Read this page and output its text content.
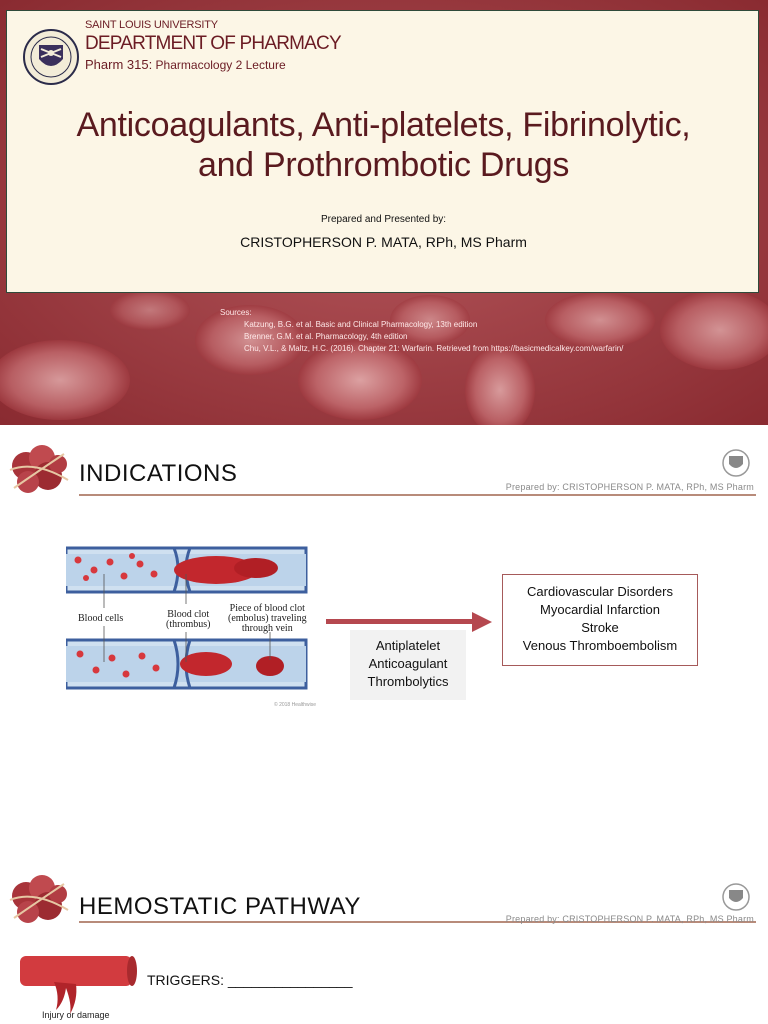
SAINT LOUIS UNIVERSITY
DEPARTMENT OF PHARMACY
Pharm 315: Pharmacology 2 Lecture
Anticoagulants, Anti-platelets, Fibrinolytic,
and Prothrombotic Drugs
Prepared and Presented by:
CRISTOPHERSON P. MATA, RPh, MS Pharm
Sources:
Katzung, B.G. et al. Basic and Clinical Pharmacology, 13th edition
Brenner, G.M. et al. Pharmacology, 4th edition
Chu, V.L., & Maltz, H.C. (2016). Chapter 21: Warfarin. Retrieved from https://basicmedicalkey.com/warfarin/
INDICATIONS	Prepared by: CRISTOPHERSON P. MATA, RPh, MS Pharm
Blood cells	Blood clot
(thrombus)
Piece of blood clot
(embolus) traveling
through vein
© 2018 Healthwise
Antiplatelet
Anticoagulant
Thrombolytics
Cardiovascular Disorders
Myocardial Infarction
Stroke
Venous Thromboembolism
HEMOSTATIC PATHWAY	Prepared by: CRISTOPHERSON P. MATA, RPh, MS Pharm
Injury or damage
TRIGGERS: ________________
